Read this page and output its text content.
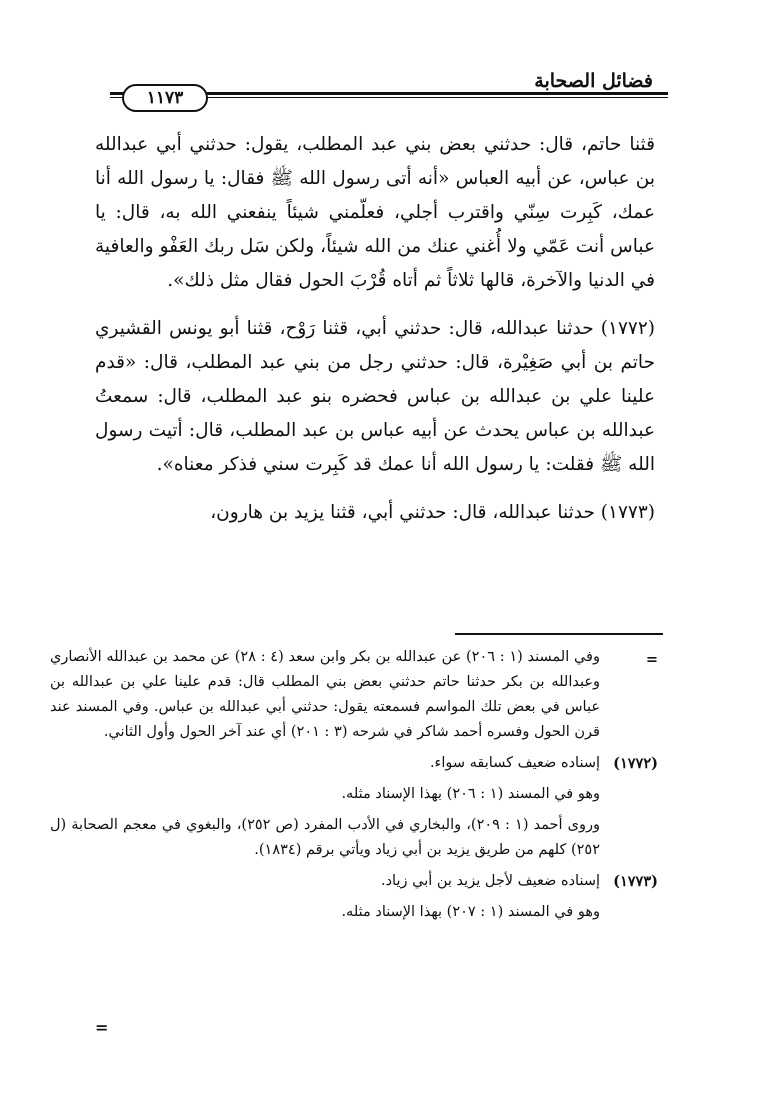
فضائل الصحابة
١١٧٣

قثنا حاتم، قال: حدثني بعض بني عبد المطلب، يقول: حدثني أبي عبدالله بن عباس، عن أبيه العباس «أنه أتى رسول الله ﷺ فقال: يا رسول الله أنا عمك، كَبِرت سِنّي واقترب أجلي، فعلّمني شيئاً ينفعني الله به، قال: يا عباس أنت عَمّي ولا أُغني عنك من الله شيئاً، ولكن سَل ربك العَفْو والعافية في الدنيا والآخرة، قالها ثلاثاً ثم أتاه قُرْبَ الحول فقال مثل ذلك».

(١٧٧٢) حدثنا عبدالله، قال: حدثني أبي، قثنا رَوْح، قثنا أبو يونس القشيري حاتم بن أبي صَغِيْرة، قال: حدثني رجل من بني عبد المطلب، قال: «قدم علينا علي بن عبدالله بن عباس فحضره بنو عبد المطلب، قال: سمعتُ عبدالله بن عباس يحدث عن أبيه عباس بن عبد المطلب، قال: أتيت رسول الله ﷺ فقلت: يا رسول الله أنا عمك قد كَبِرت سني فذكر معناه».

(١٧٧٣) حدثنا عبدالله، قال: حدثني أبي، قثنا يزيد بن هارون،

=
وفي المسند (١ : ٢٠٦) عن عبدالله بن بكر وابن سعد (٤ : ٢٨) عن محمد بن عبدالله الأنصاري وعبدالله بن بكر حدثنا حاتم حدثني بعض بني المطلب قال: قدم علينا علي بن عبدالله بن عباس في بعض تلك المواسم فسمعته يقول: حدثني أبي عبدالله بن عباس. وفي المسند عند قرن الحول وفسره أحمد شاكر في شرحه (٣ : ٢٠١) أي عند آخر الحول وأول الثاني.
(١٧٧٢)
إسناده ضعيف كسابقه سواء.
وهو في المسند (١ : ٢٠٦) بهذا الإسناد مثله.
وروى أحمد (١ : ٢٠٩)، والبخاري في الأدب المفرد (ص ٢٥٢)، والبغوي في معجم الصحابة (ل ٢٥٢) كلهم من طريق يزيد بن أبي زياد ويأتي برقم (١٨٣٤).
(١٧٧٣)
إسناده ضعيف لأجل يزيد بن أبي زياد.
وهو في المسند (١ : ٢٠٧) بهذا الإسناد مثله.
=
